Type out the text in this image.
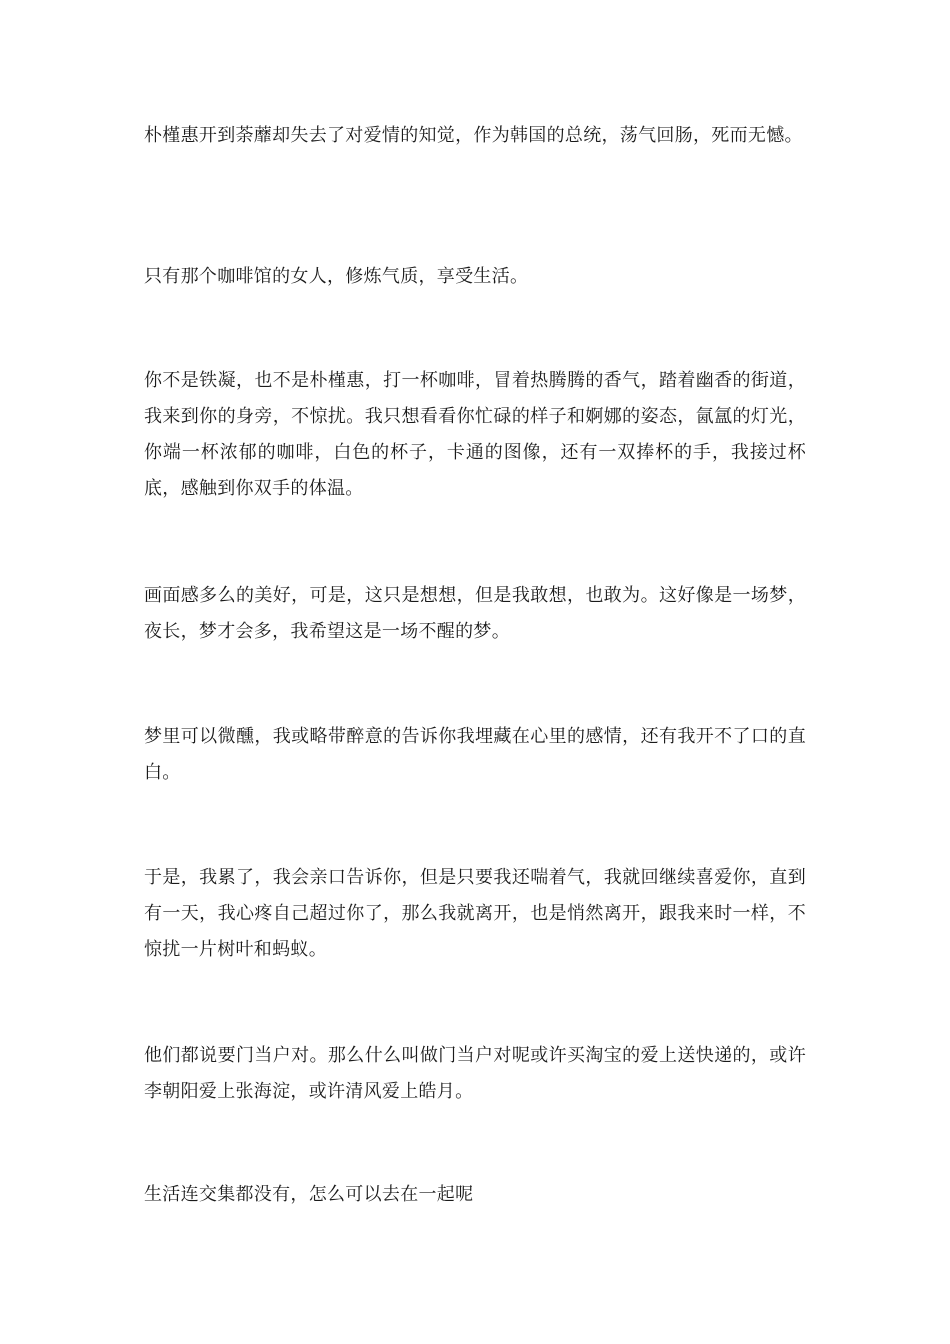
朴槿惠开到荼蘼却失去了对爱情的知觉，作为韩国的总统，荡气回肠，死而无憾。

只有那个咖啡馆的女人，修炼气质，享受生活。

你不是铁凝，也不是朴槿惠，打一杯咖啡，冒着热腾腾的香气，踏着幽香的街道，我来到你的身旁，不惊扰。我只想看看你忙碌的样子和婀娜的姿态，氤氲的灯光，你端一杯浓郁的咖啡，白色的杯子，卡通的图像，还有一双捧杯的手，我接过杯底，感触到你双手的体温。

画面感多么的美好，可是，这只是想想，但是我敢想，也敢为。这好像是一场梦，夜长，梦才会多，我希望这是一场不醒的梦。

梦里可以微醺，我或略带醉意的告诉你我埋藏在心里的感情，还有我开不了口的直白。

于是，我累了，我会亲口告诉你，但是只要我还喘着气，我就回继续喜爱你，直到有一天，我心疼自己超过你了，那么我就离开，也是悄然离开，跟我来时一样，不惊扰一片树叶和蚂蚁。

他们都说要门当户对。那么什么叫做门当户对呢或许买淘宝的爱上送快递的，或许李朝阳爱上张海淀，或许清风爱上皓月。

生活连交集都没有，怎么可以去在一起呢
